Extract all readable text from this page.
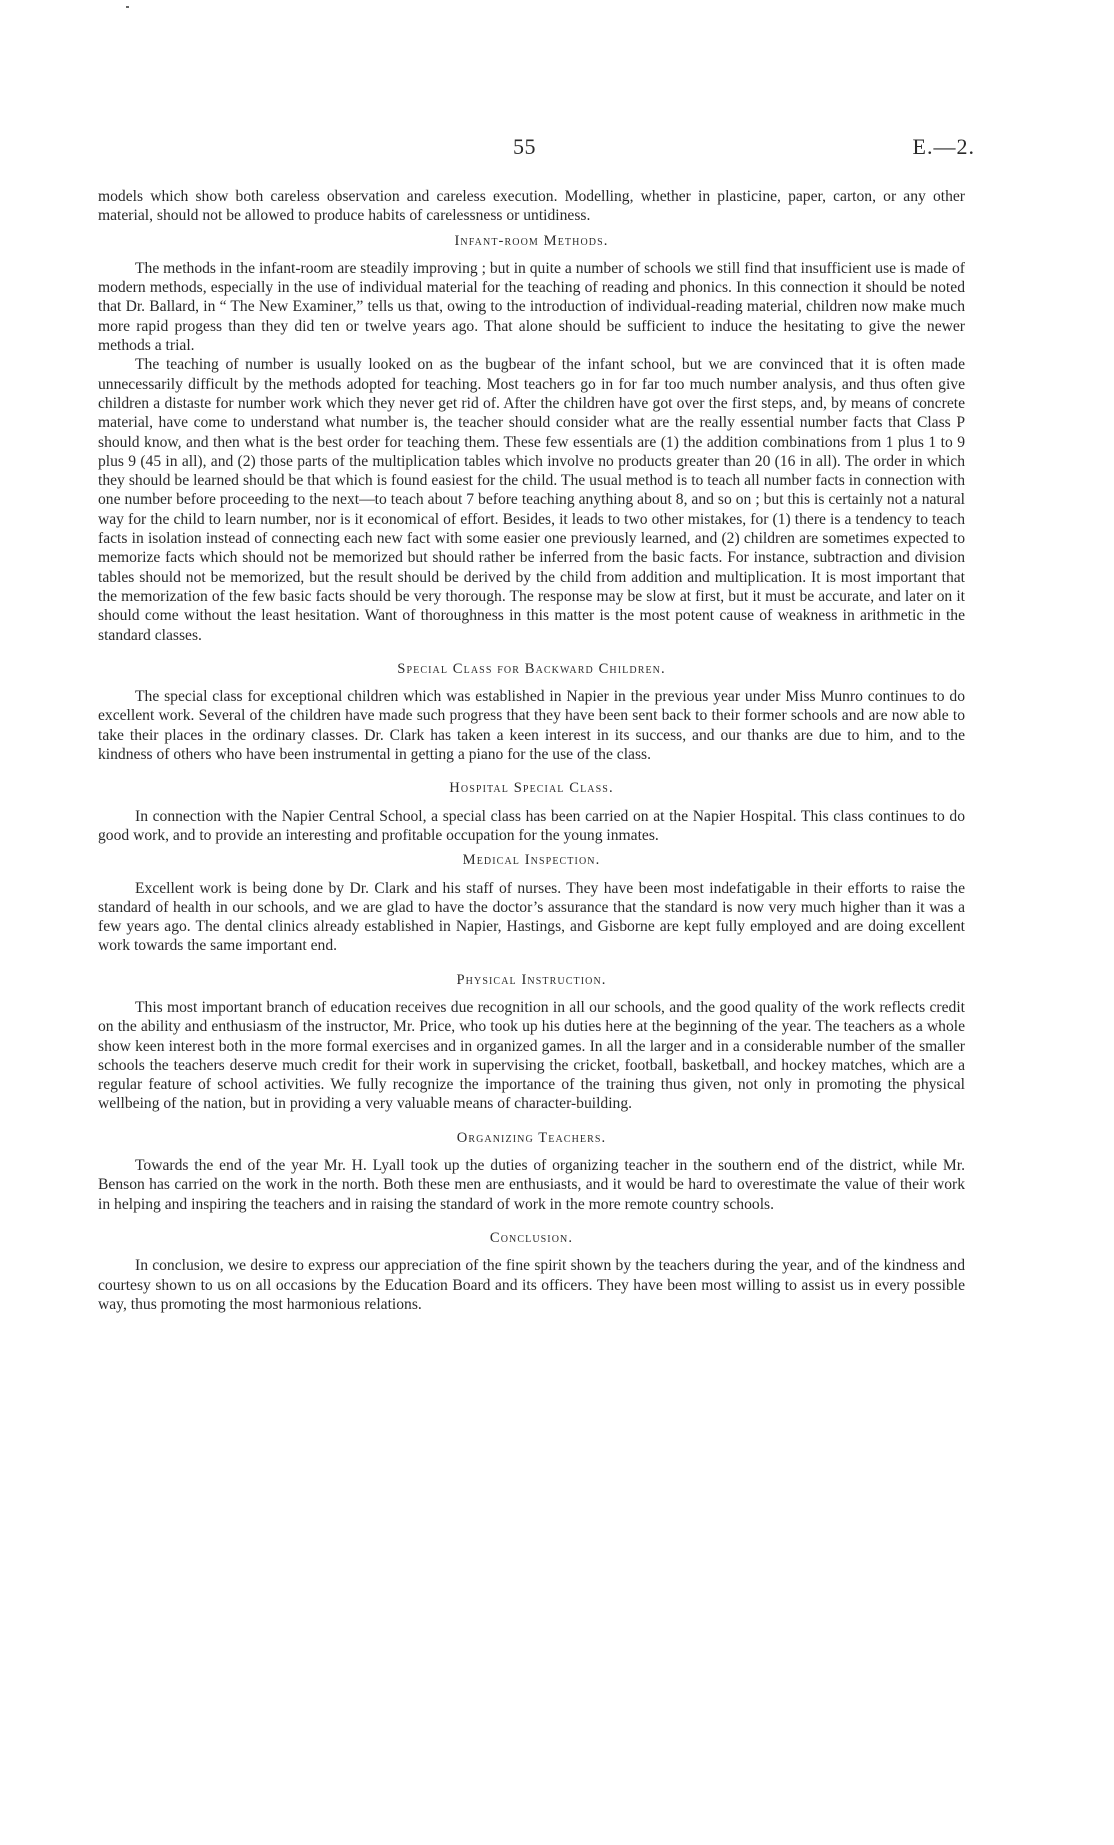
55	E.—2.

models which show both careless observation and careless execution. Modelling, whether in plasticine, paper, carton, or any other material, should not be allowed to produce habits of carelessness or untidiness.

Infant-room Methods.

The methods in the infant-room are steadily improving ; but in quite a number of schools we still find that insufficient use is made of modern methods, especially in the use of individual material for the teaching of reading and phonics. In this connection it should be noted that Dr. Ballard, in “ The New Examiner,” tells us that, owing to the introduction of individual-reading material, children now make much more rapid progess than they did ten or twelve years ago. That alone should be sufficient to induce the hesitating to give the newer methods a trial.

The teaching of number is usually looked on as the bugbear of the infant school, but we are convinced that it is often made unnecessarily difficult by the methods adopted for teaching. Most teachers go in for far too much number analysis, and thus often give children a distaste for number work which they never get rid of. After the children have got over the first steps, and, by means of concrete material, have come to understand what number is, the teacher should consider what are the really essential number facts that Class P should know, and then what is the best order for teaching them. These few essentials are (1) the addition combinations from 1 plus 1 to 9 plus 9 (45 in all), and (2) those parts of the multiplication tables which involve no products greater than 20 (16 in all). The order in which they should be learned should be that which is found easiest for the child. The usual method is to teach all number facts in connection with one number before proceeding to the next—to teach about 7 before teaching anything about 8, and so on ; but this is certainly not a natural way for the child to learn number, nor is it economical of effort. Besides, it leads to two other mistakes, for (1) there is a tendency to teach facts in isolation instead of connecting each new fact with some easier one previously learned, and (2) children are sometimes expected to memorize facts which should not be memorized but should rather be inferred from the basic facts. For instance, subtraction and division tables should not be memorized, but the result should be derived by the child from addition and multiplication. It is most important that the memorization of the few basic facts should be very thorough. The response may be slow at first, but it must be accurate, and later on it should come without the least hesitation. Want of thoroughness in this matter is the most potent cause of weakness in arithmetic in the standard classes.

Special Class for Backward Children.

The special class for exceptional children which was established in Napier in the previous year under Miss Munro continues to do excellent work. Several of the children have made such progress that they have been sent back to their former schools and are now able to take their places in the ordinary classes. Dr. Clark has taken a keen interest in its success, and our thanks are due to him, and to the kindness of others who have been instrumental in getting a piano for the use of the class.

Hospital Special Class.

In connection with the Napier Central School, a special class has been carried on at the Napier Hospital. This class continues to do good work, and to provide an interesting and profitable occupation for the young inmates.

Medical Inspection.

Excellent work is being done by Dr. Clark and his staff of nurses. They have been most indefatigable in their efforts to raise the standard of health in our schools, and we are glad to have the doctor’s assurance that the standard is now very much higher than it was a few years ago. The dental clinics already established in Napier, Hastings, and Gisborne are kept fully employed and are doing excellent work towards the same important end.

Physical Instruction.

This most important branch of education receives due recognition in all our schools, and the good quality of the work reflects credit on the ability and enthusiasm of the instructor, Mr. Price, who took up his duties here at the beginning of the year. The teachers as a whole show keen interest both in the more formal exercises and in organized games. In all the larger and in a considerable number of the smaller schools the teachers deserve much credit for their work in supervising the cricket, football, basketball, and hockey matches, which are a regular feature of school activities. We fully recognize the importance of the training thus given, not only in promoting the physical wellbeing of the nation, but in providing a very valuable means of character-building.

Organizing Teachers.

Towards the end of the year Mr. H. Lyall took up the duties of organizing teacher in the southern end of the district, while Mr. Benson has carried on the work in the north. Both these men are enthusiasts, and it would be hard to overestimate the value of their work in helping and inspiring the teachers and in raising the standard of work in the more remote country schools.

Conclusion.

In conclusion, we desire to express our appreciation of the fine spirit shown by the teachers during the year, and of the kindness and courtesy shown to us on all occasions by the Education Board and its officers. They have been most willing to assist us in every possible way, thus promoting the most harmonious relations.
